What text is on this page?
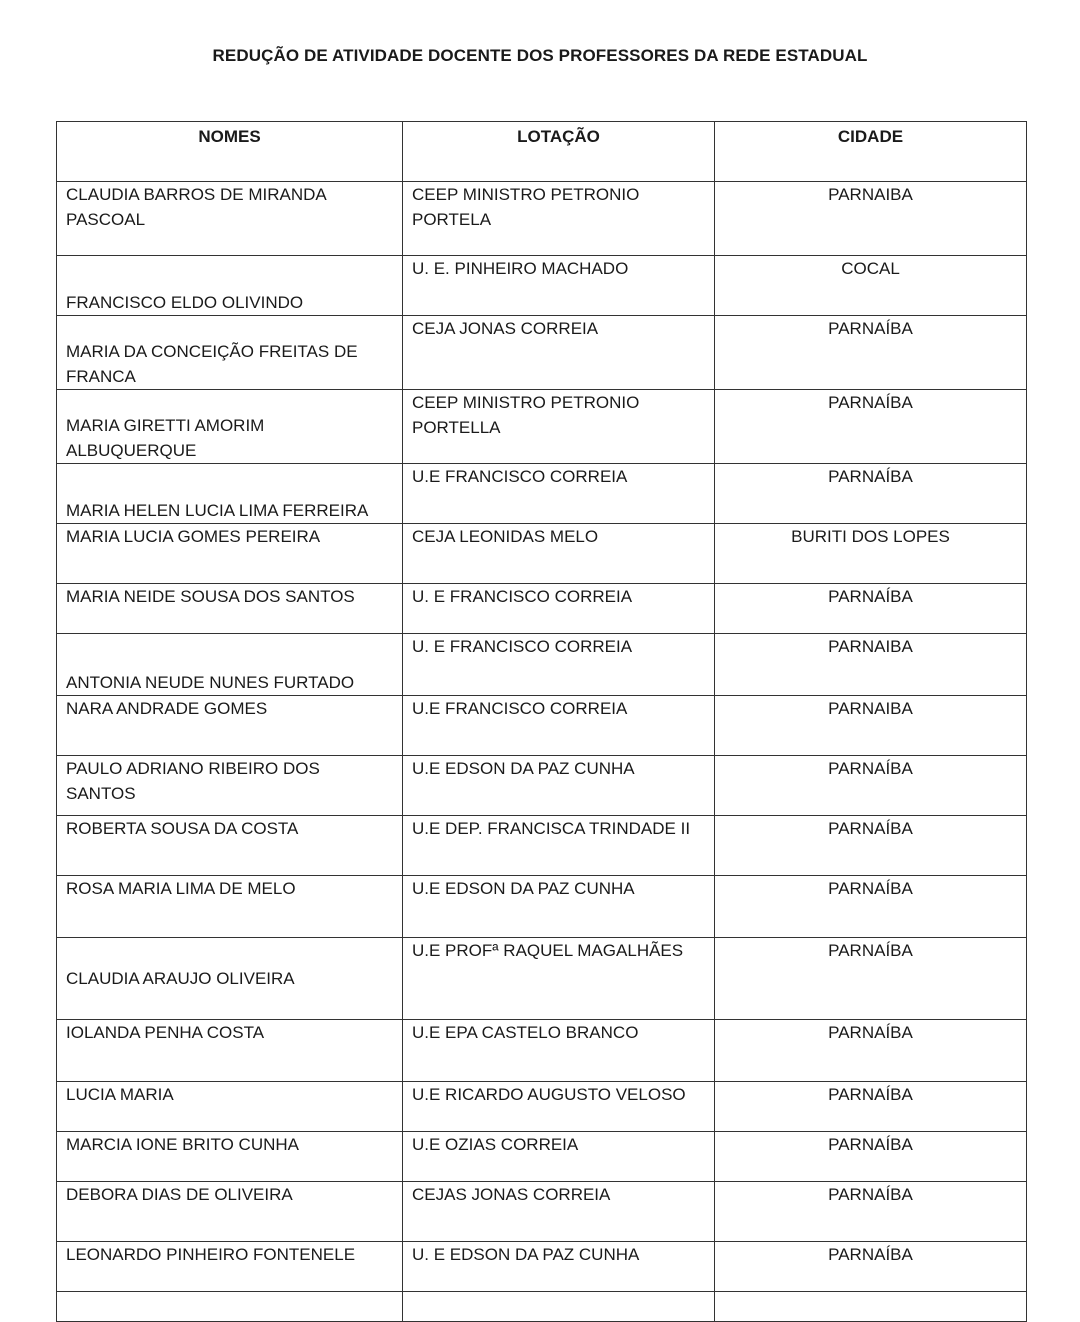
REDUÇÃO DE ATIVIDADE DOCENTE DOS PROFESSORES DA REDE ESTADUAL
NOMES	LOTAÇÃO	CIDADE
CLAUDIA BARROS DE MIRANDA PASCOAL	CEEP MINISTRO PETRONIO PORTELA	PARNAIBA
FRANCISCO ELDO OLIVINDO	U. E. PINHEIRO MACHADO	COCAL
MARIA DA CONCEIÇÃO FREITAS DE FRANCA	CEJA JONAS CORREIA	PARNAÍBA
MARIA GIRETTI AMORIM ALBUQUERQUE	CEEP MINISTRO PETRONIO PORTELLA	PARNAÍBA
MARIA HELEN LUCIA LIMA FERREIRA	U.E FRANCISCO CORREIA	PARNAÍBA
MARIA LUCIA GOMES PEREIRA	CEJA LEONIDAS MELO	BURITI DOS LOPES
MARIA NEIDE SOUSA DOS SANTOS	U. E FRANCISCO CORREIA	PARNAÍBA
ANTONIA NEUDE NUNES FURTADO	U. E FRANCISCO CORREIA	PARNAIBA
NARA ANDRADE GOMES	U.E FRANCISCO CORREIA	PARNAIBA
PAULO ADRIANO RIBEIRO DOS SANTOS	U.E EDSON DA PAZ CUNHA	PARNAÍBA
ROBERTA SOUSA DA COSTA	U.E DEP. FRANCISCA TRINDADE II	PARNAÍBA
ROSA MARIA LIMA DE MELO	U.E EDSON DA PAZ CUNHA	PARNAÍBA
CLAUDIA ARAUJO OLIVEIRA	U.E PROFª RAQUEL MAGALHÃES	PARNAÍBA
IOLANDA PENHA COSTA	U.E EPA CASTELO BRANCO	PARNAÍBA
LUCIA MARIA	U.E RICARDO AUGUSTO VELOSO	PARNAÍBA
MARCIA IONE BRITO CUNHA	U.E OZIAS CORREIA	PARNAÍBA
DEBORA DIAS DE OLIVEIRA	CEJAS JONAS CORREIA	PARNAÍBA
LEONARDO PINHEIRO FONTENELE	U. E EDSON DA PAZ CUNHA	PARNAÍBA
